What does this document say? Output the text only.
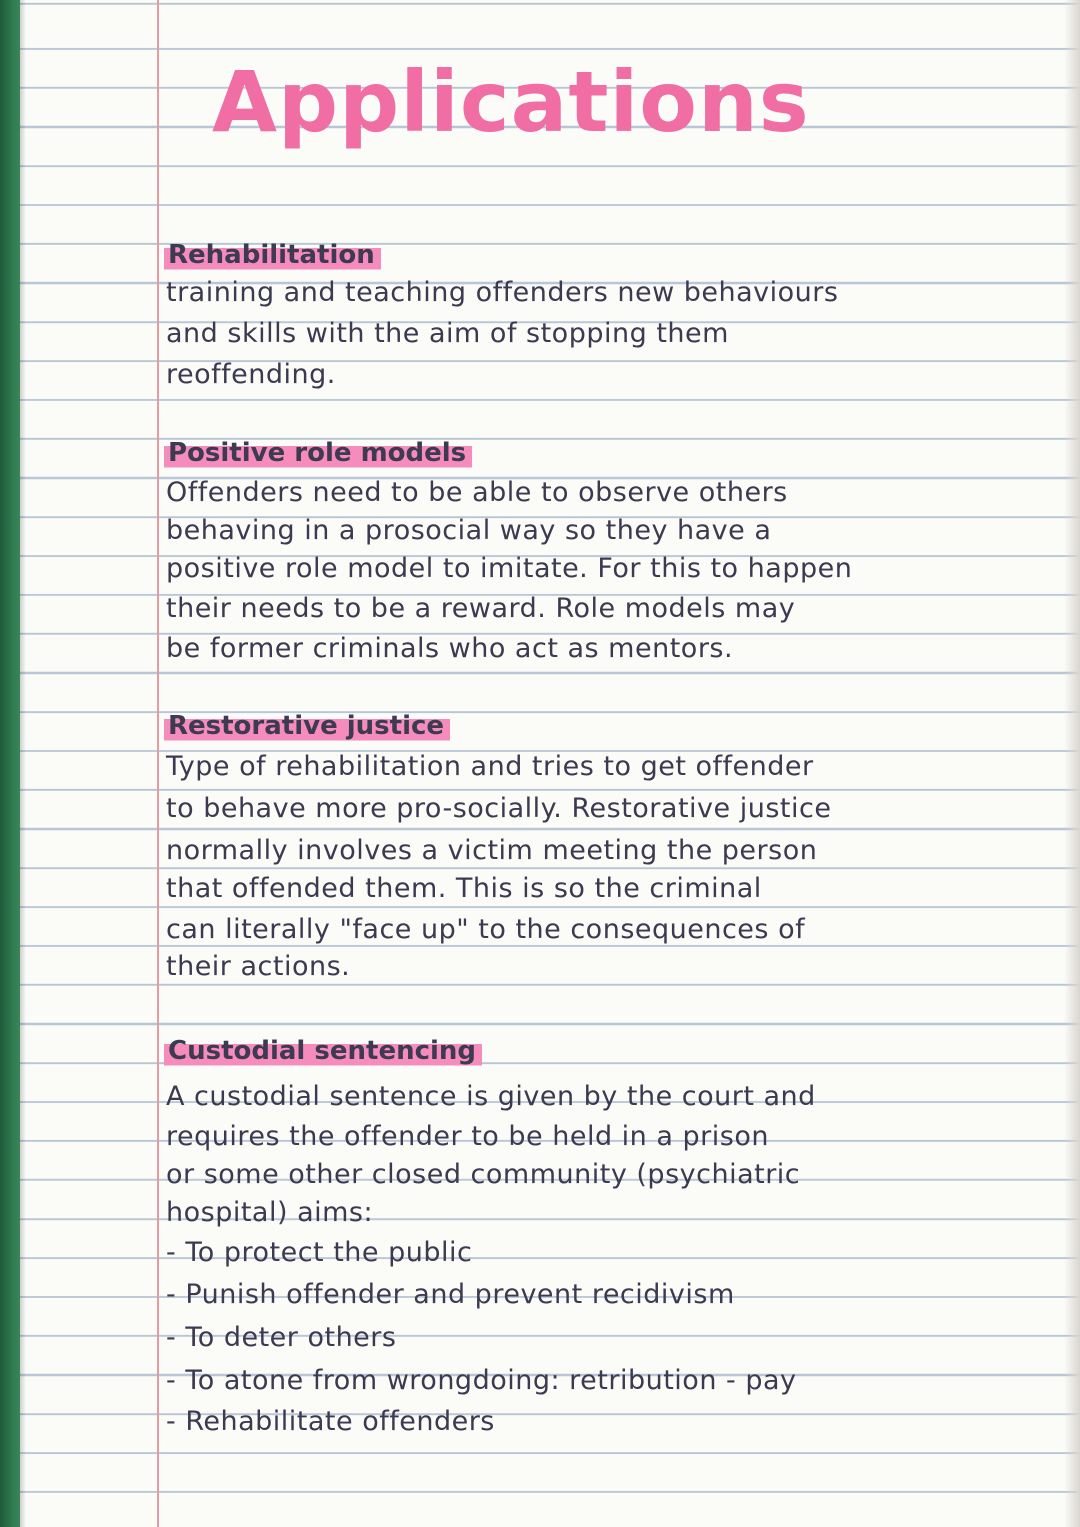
Applications
Rehabilitation

training and teaching offenders new behaviours

and skills with the aim of stopping them

reoffending.

Positive role models

Offenders need to be able to observe others

behaving in a prosocial way so they have a

positive role model to imitate. For this to happen

their needs to be a reward. Role models may

be former criminals who act as mentors.

Restorative justice

Type of rehabilitation and tries to get offender

to behave more pro-socially. Restorative justice

normally involves a victim meeting the person

that offended them. This is so the criminal

can literally "face up" to the consequences of

their actions.

Custodial sentencing

A custodial sentence is given by the court and

requires the offender to be held in a prison

or some other closed community (psychiatric

hospital) aims:

- To protect the public

- Punish offender and prevent recidivism

- To deter others

- To atone from wrongdoing: retribution - pay

- Rehabilitate offenders
